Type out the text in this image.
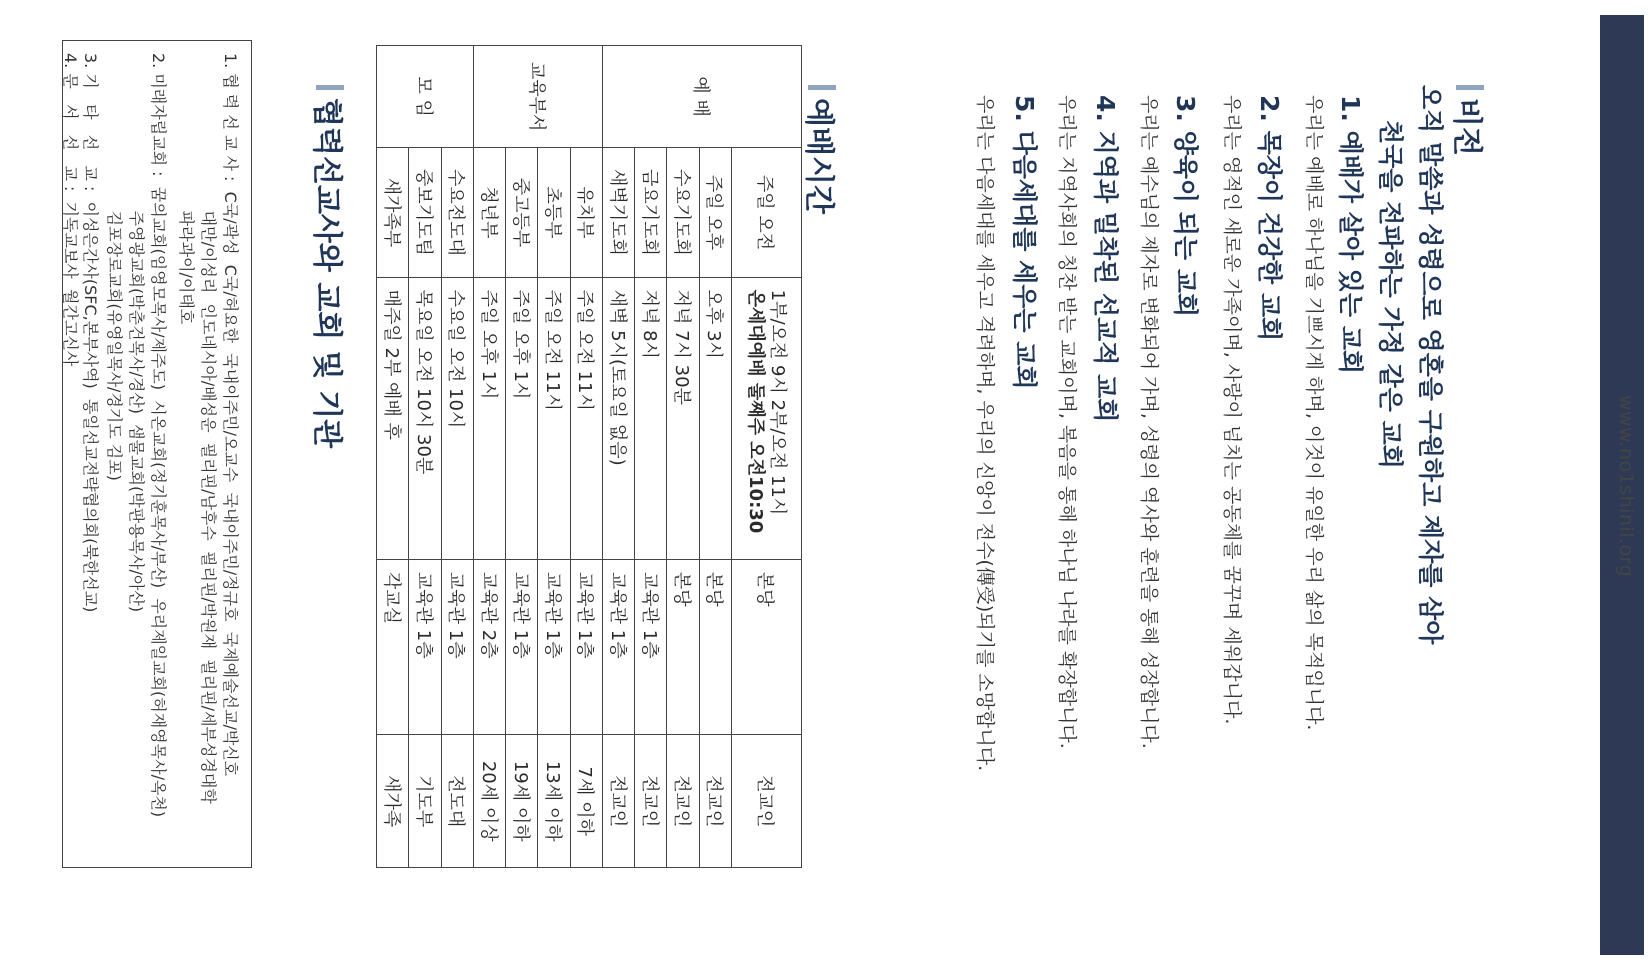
www.no1shinil.org
비전
오직 말씀과 성령으로 영혼을 구원하고 제자를 삼아
천국을 전파하는 가정 같은 교회
1. 예배가 살아 있는 교회
우리는 예배로 하나님을 기쁘시게 하며, 이것이 유일한 우리 삶의 목적입니다.
2. 목장이 건강한 교회
우리는 영적인 새로운 가족이며, 사랑이 넘치는 공동체를 꿈꾸며 세워갑니다.
3. 양육이 되는 교회
우리는 예수님의 제자로 변화되어 가며, 성령의 역사와 훈련을 통해 성장합니다.
4. 지역과 밀착된 선교적 교회
우리는 지역사회의 칭찬 받는 교회이며, 복음을 통해 하나님 나라를 확장합니다.
5. 다음세대를 세우는 교회
우리는 다음세대를 세우고 격려하며, 우리의 신앙이 전수(傳受)되기를 소망합니다.
예배시간
예 배	주일 오전	1부/오전 9시 2부/오전 11시
온세대예배 둘째주 오전10:30	본당	전교인
	주일 오후	오후 3시	본당	전교인
	수요기도회	저녁 7시 30분	본당	전교인
	금요기도회	저녁 8시	교육관 1층	전교인
	새벽기도회	새벽 5시(토요일 없음)	교육관 1층	전교인
교육부서	유치부	주일 오전 11시	교육관 1층	7세 이하
	초등부	주일 오전 11시	교육관 1층	13세 이하
	중고등부	주일 오후 1시	교육관 1층	19세 이하
	청년부	주일 오후 1시	교육관 2층	20세 이상
모 임	수요전도대	수요일 오전 10시	교육관 1층	전도대
	중보기도팀	목요일 오전 10시 30분	교육관 1층	기도부
	새가족부	매주일 2부 예배 후	각교실	새가족
협력선교사와 교회 및 기관
1. 협 력 선 교 사 :  C국/곽성  C국/허요한  국내이주민/오교수  국내이주민/정규호  국제예술선교/박신호
대만/이성리  인도네시아/배성운  필리핀/남후수  필리핀/박원재  필리핀/세부성경대학
파라과이/이태호
2. 미래자립교회 :  꿈의교회(임영모목사/제주도)  시온교회(정기훈목사/부산)  우리제일교회(허재영목사/옥천)
주영광교회(박춘건목사/경산)  샘물교회(박판용목사/아산)
김포장로교회(유영일목사/경기도 김포)
3. 기   타   선   교 :  이성은간사(SFC,본부사역)  통일선교전략협의회(북한선교)
4. 문   서   선   교 :  기독교보사  월간고신사
